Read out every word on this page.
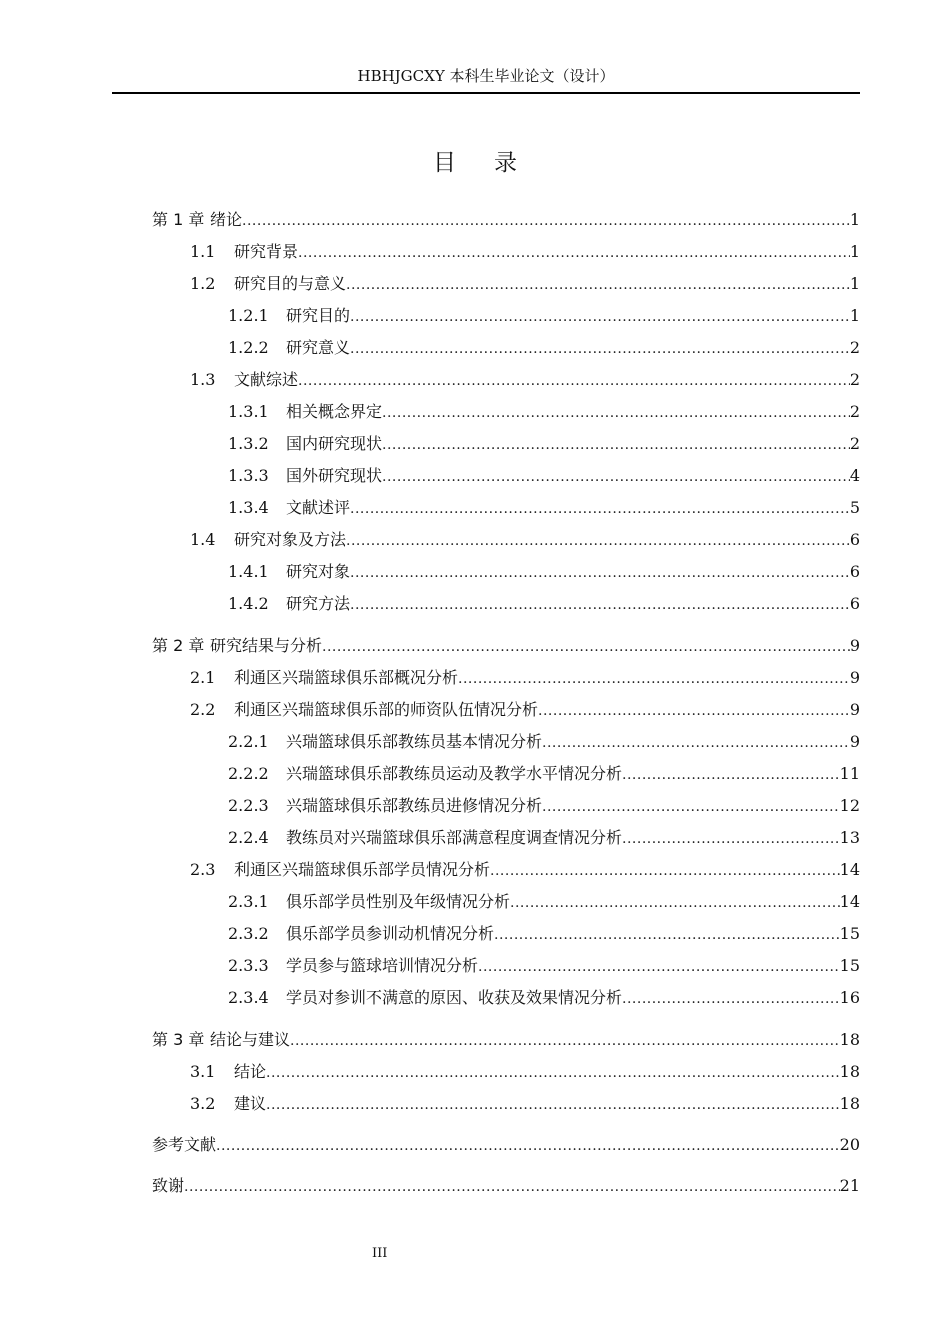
HBHJGCXY 本科生毕业论文（设计）
目录
第 1 章 绪论 .....	1
1.1 研究背景 .....	1
1.2 研究目的与意义 .....	1
1.2.1 研究目的 .....	1
1.2.2 研究意义 .....	2
1.3 文献综述 .....	2
1.3.1 相关概念界定 .....	2
1.3.2 国内研究现状 .....	2
1.3.3 国外研究现状 .....	4
1.3.4 文献述评 .....	5
1.4 研究对象及方法 .....	6
1.4.1 研究对象 .....	6
1.4.2 研究方法 .....	6
第 2 章 研究结果与分析 .....	9
2.1 利通区兴瑞篮球俱乐部概况分析 .....	9
2.2 利通区兴瑞篮球俱乐部的师资队伍情况分析 .....	9
2.2.1 兴瑞篮球俱乐部教练员基本情况分析 .....	9
2.2.2 兴瑞篮球俱乐部教练员运动及教学水平情况分析 .....	11
2.2.3 兴瑞篮球俱乐部教练员进修情况分析 .....	12
2.2.4 教练员对兴瑞篮球俱乐部满意程度调查情况分析 .....	13
2.3 利通区兴瑞篮球俱乐部学员情况分析 .....	14
2.3.1 俱乐部学员性别及年级情况分析 .....	14
2.3.2 俱乐部学员参训动机情况分析 .....	15
2.3.3 学员参与篮球培训情况分析 .....	15
2.3.4 学员对参训不满意的原因、收获及效果情况分析 .....	16
第 3 章 结论与建议 .....	18
3.1 结论 .....	18
3.2 建议 .....	18
参考文献 .....	20
致谢 .....	21
III
